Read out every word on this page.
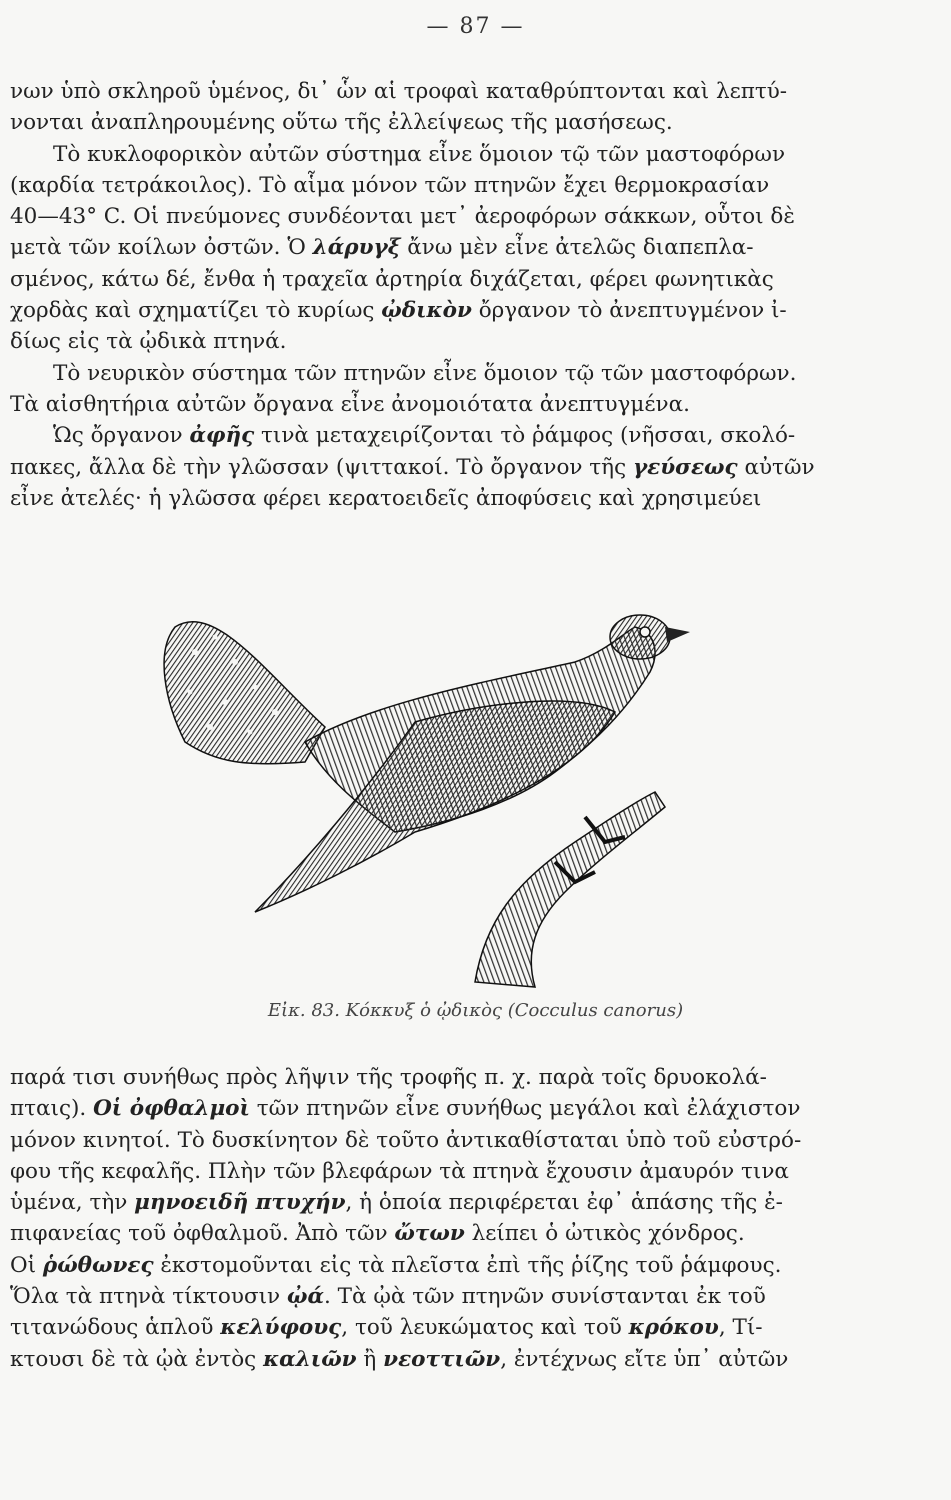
— 87 —
νων ὑπὸ σκληροῦ ὑμένος, δι᾽ ὧν αἱ τροφαὶ καταθρύπτονται καὶ λεπτύ-
νονται ἀναπληρουμένης οὕτω τῆς ἐλλείψεως τῆς μασήσεως.
  Τὸ κυκλοφορικὸν αὐτῶν σύστημα εἶνε ὅμοιον τῷ τῶν μαστοφόρων
(καρδία τετράκοιλος). Τὸ αἷμα μόνον τῶν πτηνῶν ἔχει θερμοκρασίαν
40—43° C. Οἱ πνεύμονες συνδέονται μετ᾽ ἀεροφόρων σάκκων, οὗτοι δὲ
μετὰ τῶν κοίλων ὀστῶν. Ὁ λάρυγξ ἄνω μὲν εἶνε ἀτελῶς διαπεπλα-
σμένος, κάτω δέ, ἔνθα ἡ τραχεῖα ἀρτηρία διχάζεται, φέρει φωνητικὰς
χορδὰς καὶ σχηματίζει τὸ κυρίως ᾠδικὸν ὄργανον τὸ ἀνεπτυγμένον ἰ-
δίως εἰς τὰ ᾠδικὰ πτηνά.
  Τὸ νευρικὸν σύστημα τῶν πτηνῶν εἶνε ὅμοιον τῷ τῶν μαστοφόρων.
Τὰ αἰσθητήρια αὐτῶν ὄργανα εἶνε ἀνομοιότατα ἀνεπτυγμένα.
  Ὡς ὄργανον ἀφῆς τινὰ μεταχειρίζονται τὸ ῥάμφος (νῆσσαι, σκολό-
πακες, ἄλλα δὲ τὴν γλῶσσαν (ψιττακοί. Τὸ ὄργανον τῆς γεύσεως αὐτῶν
εἶνε ἀτελές· ἡ γλῶσσα φέρει κερατοειδεῖς ἀποφύσεις καὶ χρησιμεύει
Εἰκ. 83. Κόκκυξ ὁ ᾠδικὸς (Cocculus canorus)
παρά τισι συνήθως πρὸς λῆψιν τῆς τροφῆς π. χ. παρὰ τοῖς δρυοκολά-
πταις). Οἱ ὀφθαλμοὶ τῶν πτηνῶν εἶνε συνήθως μεγάλοι καὶ ἐλάχιστον
μόνον κινητοί. Τὸ δυσκίνητον δὲ τοῦτο ἀντικαθίσταται ὑπὸ τοῦ εὐστρό-
φου τῆς κεφαλῆς. Πλὴν τῶν βλεφάρων τὰ πτηνὰ ἔχουσιν ἀμαυρόν τινα
ὑμένα, τὴν μηνοειδῆ πτυχήν, ἡ ὁποία περιφέρεται ἐφ᾽ ἁπάσης τῆς ἐ-
πιφανείας τοῦ ὀφθαλμοῦ. Ἀπὸ τῶν ὤτων λείπει ὁ ὠτικὸς χόνδρος.
Οἱ ῥώθωνες ἐκστομοῦνται εἰς τὰ πλεῖστα ἐπὶ τῆς ῥίζης τοῦ ῥάμφους.
Ὅλα τὰ πτηνὰ τίκτουσιν ᾠά. Τὰ ᾠὰ τῶν πτηνῶν συνίστανται ἐκ τοῦ
τιτανώδους ἁπλοῦ κελύφους, τοῦ λευκώματος καὶ τοῦ κρόκου, Τί-
κτουσι δὲ τὰ ᾠὰ ἐντὸς καλιῶν ἢ νεοττιῶν, ἐντέχνως εἴτε ὑπ᾽ αὐτῶν
